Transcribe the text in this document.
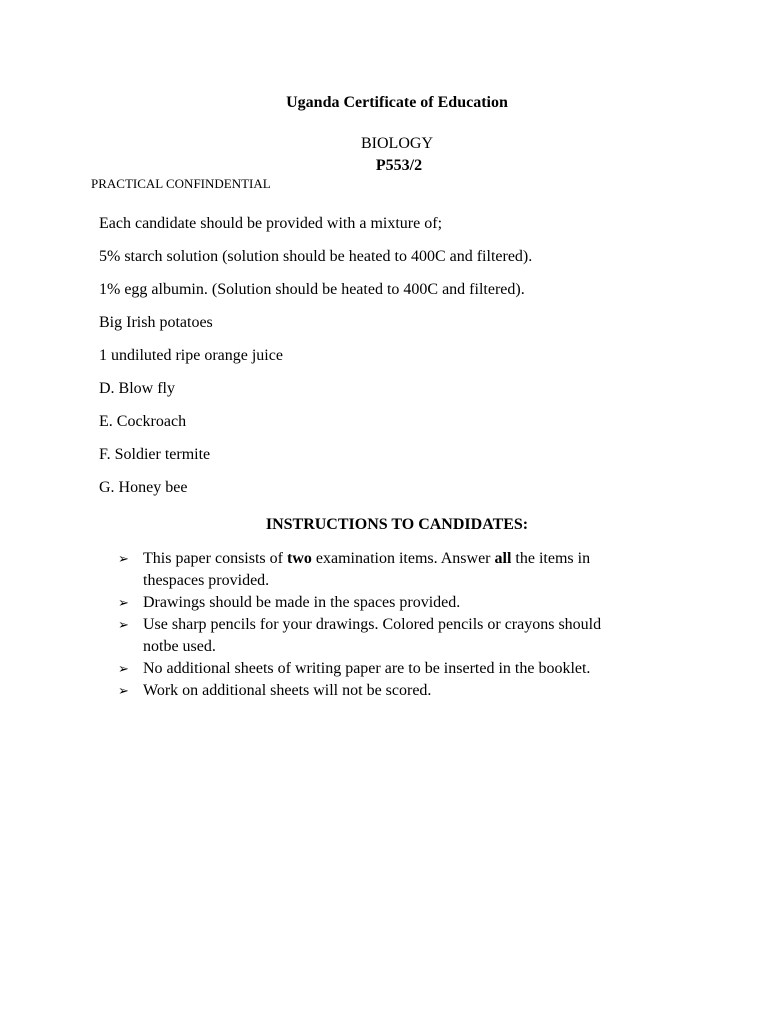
Uganda Certificate of Education
BIOLOGY
P553/2
PRACTICAL CONFINDENTIAL
Each candidate should be provided with a mixture of;
5% starch solution (solution should be heated to 400C and filtered).
1% egg albumin. (Solution should be heated to 400C and filtered).
Big Irish potatoes
1 undiluted ripe orange juice
D. Blow fly
E. Cockroach
F. Soldier termite
G. Honey bee
INSTRUCTIONS TO CANDIDATES:
➢ This paper consists of two examination items. Answer all the items in
thespaces provided.
➢ Drawings should be made in the spaces provided.
➢ Use sharp pencils for your drawings. Colored pencils or crayons should
notbe used.
➢ No additional sheets of writing paper are to be inserted in the booklet.
➢ Work on additional sheets will not be scored.
